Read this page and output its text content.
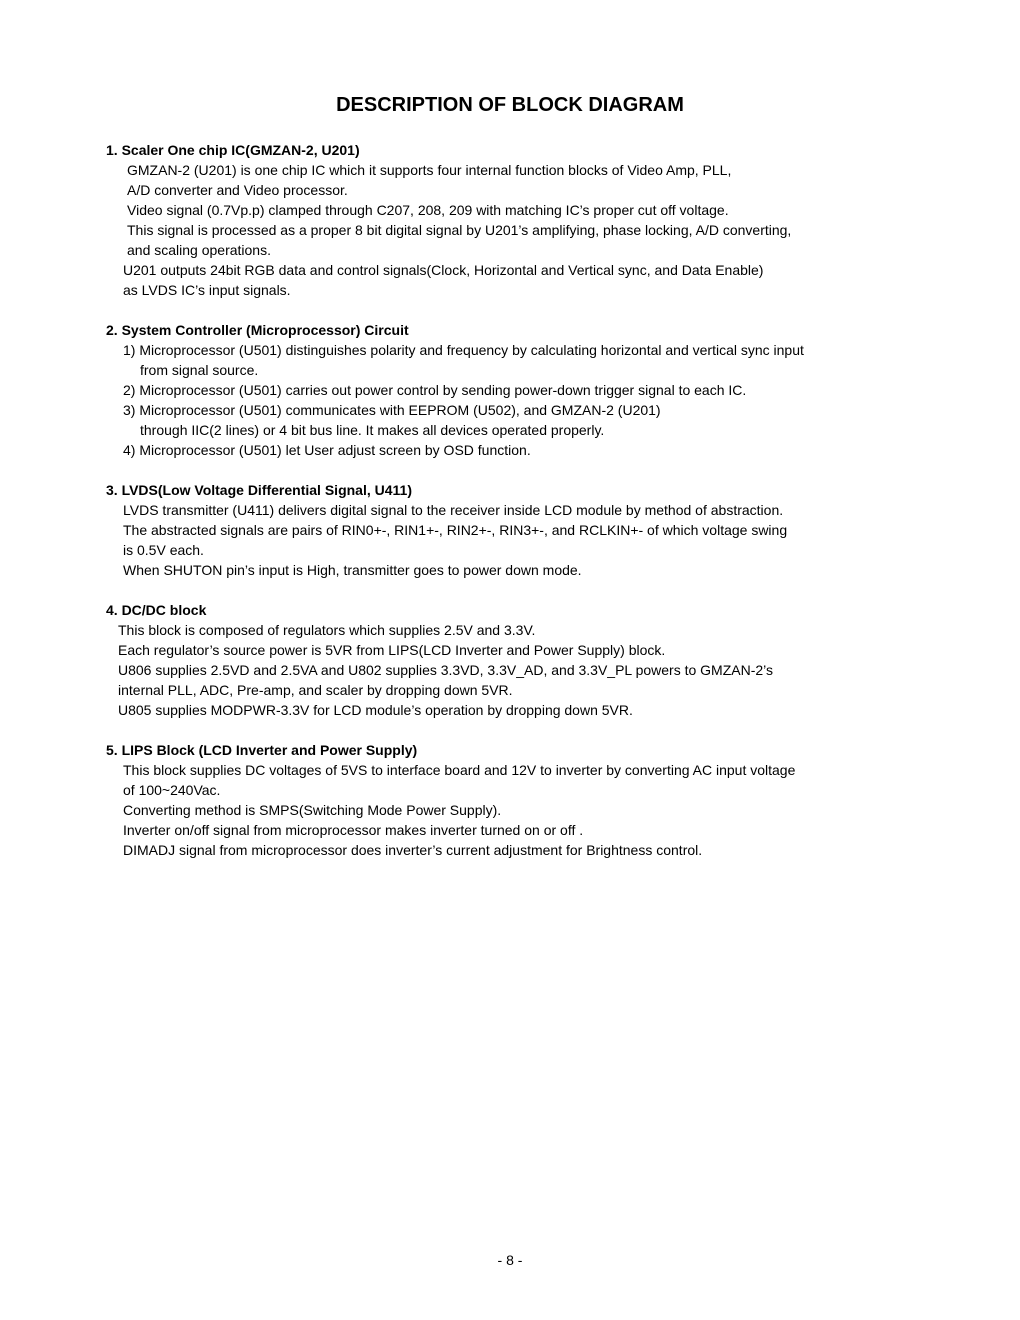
DESCRIPTION OF BLOCK DIAGRAM
1. Scaler One chip IC(GMZAN-2, U201)
GMZAN-2 (U201) is one chip IC which it supports four internal function blocks of Video Amp, PLL,
A/D converter and Video processor.
Video signal (0.7Vp.p) clamped through C207, 208, 209 with matching IC’s proper cut off voltage.
This signal is processed as a proper 8 bit digital signal by U201’s amplifying, phase locking, A/D converting,
and scaling operations.
U201 outputs 24bit RGB data and control signals(Clock, Horizontal and Vertical sync, and Data Enable)
as LVDS IC’s input signals.
2. System Controller (Microprocessor) Circuit
1) Microprocessor (U501) distinguishes polarity and frequency by calculating horizontal and vertical sync input
from signal source.
2) Microprocessor (U501) carries out power control by sending power-down trigger signal to each IC.
3) Microprocessor (U501) communicates with EEPROM (U502), and GMZAN-2 (U201)
through IIC(2 lines) or 4 bit bus line. It makes all devices operated properly.
4) Microprocessor (U501) let User adjust screen by OSD function.
3. LVDS(Low Voltage Differential Signal, U411)
LVDS transmitter (U411) delivers digital signal to the receiver inside LCD module by method of abstraction.
The abstracted signals are pairs of RIN0+-, RIN1+-, RIN2+-, RIN3+-, and RCLKIN+- of which voltage swing
is 0.5V each.
When SHUTON pin’s input is High, transmitter goes to power down mode.
4. DC/DC block
This block is composed of regulators which supplies 2.5V and 3.3V.
Each regulator’s source power is 5VR from LIPS(LCD Inverter and Power Supply) block.
U806 supplies 2.5VD and 2.5VA and U802 supplies 3.3VD, 3.3V_AD, and 3.3V_PL powers to GMZAN-2’s
internal PLL, ADC, Pre-amp, and scaler by dropping down 5VR.
U805 supplies MODPWR-3.3V for LCD module’s operation by dropping down 5VR.
5. LIPS Block (LCD Inverter and Power Supply)
This block supplies DC voltages of 5VS to interface board and 12V to inverter by converting AC input voltage
of 100~240Vac.
Converting method is SMPS(Switching Mode Power Supply).
Inverter on/off signal from microprocessor makes inverter turned on or off .
DIMADJ signal from microprocessor does inverter’s current adjustment for Brightness control.
- 8 -
